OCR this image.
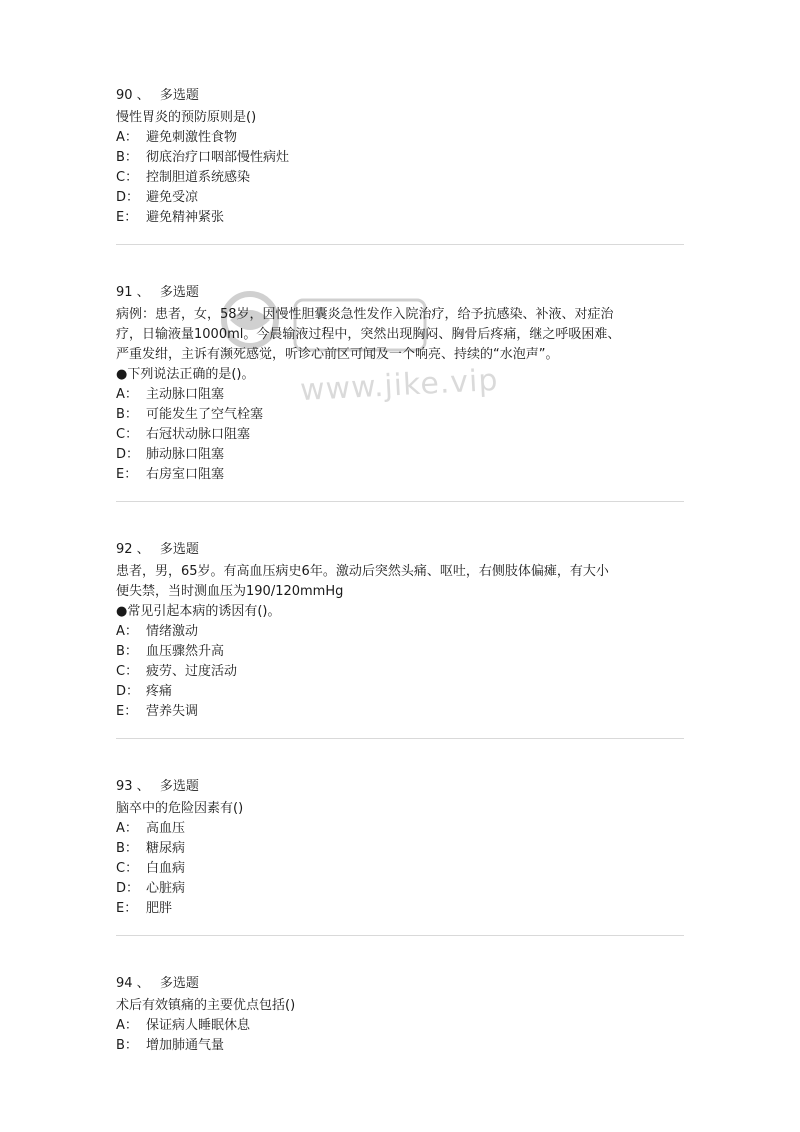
www.jike.vip
90 、 多选题
慢性胃炎的预防原则是()
A： 避免刺激性食物
B： 彻底治疗口咽部慢性病灶
C： 控制胆道系统感染
D： 避免受凉
E： 避免精神紧张
91 、 多选题
病例：患者，女，58岁，因慢性胆囊炎急性发作入院治疗，给予抗感染、补液、对症治
疗，日输液量1000ml。今晨输液过程中，突然出现胸闷、胸骨后疼痛，继之呼吸困难、
严重发绀，主诉有濒死感觉，听诊心前区可闻及一个响亮、持续的“水泡声”。
●下列说法正确的是()。
A： 主动脉口阻塞
B： 可能发生了空气栓塞
C： 右冠状动脉口阻塞
D： 肺动脉口阻塞
E： 右房室口阻塞
92 、 多选题
患者，男，65岁。有高血压病史6年。激动后突然头痛、呕吐，右侧肢体偏瘫，有大小
便失禁，当时测血压为190/120mmHg
●常见引起本病的诱因有()。
A： 情绪激动
B： 血压骤然升高
C： 疲劳、过度活动
D： 疼痛
E： 营养失调
93 、 多选题
脑卒中的危险因素有()
A： 高血压
B： 糖尿病
C： 白血病
D： 心脏病
E： 肥胖
94 、 多选题
术后有效镇痛的主要优点包括()
A： 保证病人睡眠休息
B： 增加肺通气量
